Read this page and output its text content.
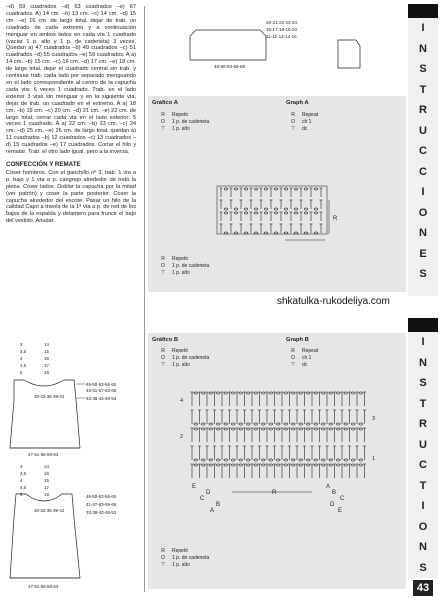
–d) 59 cuadrados –d) 63 cuadrados –e) 67 cuadrados. A) 14 cm. –b) 13 cm. –c) 14 cm. –d) 15 cm. –e) 16 cm. de largo total, dejar de trab. un cuadrado de cada extremo y a continuación menguar en ambos lados en cada vta 1 cuadrado (vaciar 1 p. alto y 1 p. de cadeneta) 3 veces. Quedan a) 47 cuadrados –b) 49 cuadrados –c) 51 cuadrados –d) 55 cuadrados –e) 59 cuadrados. A a) 14 cm. –b) 15 cm. –c) 16 cm. –d) 17 cm. –e) 18 cm. de largo total, dejar el cuadrado central sin trab. y continuar trab. cada lado por separado menguando en el lado correspondiente al centro de la capucha cada vta: 6 veces 1 cuadrado. Trab. en el lado exterior 3 vtas sin menguar y en la siguiente vta, dejar de trab. un cuadrado en el extremo. A a) 18 cm. –b) 19 cm. –c) 20 cm. –d) 21 cm. –e) 22 cm. de largo total, cerrar cada vta en el lado exterior: 5 veces 1 cuadrado. A a) 22 cm. –b) 23 cm. –c) 24 cm. –d) 25 cm. –e) 26 cm. de largo total, quedan a) 11 cuadrados –b) 12 cuadrados –c) 13 cuadrados –d) 15 cuadrados –e) 17 cuadrados. Cortar el hilo y rematar. Trab. el otro lado igual, pero a la inversa.

CONFECCIÓN Y REMATE

Coser hombros. Con el ganchillo nº 3, trab. 1 vta a p. bajo y 1 vta a p. cangrejo alrededor de toda la pieza. Coser lados. Doblar la capucha por la mitad (ver patrón) y coser la parte posterior. Coser la capucha alrededor del escote. Pasar un hilo de la calidad Capri a través de la 1ª vta a p. de red de los bajos de la espalda y delantero para fruncir el bajo del vestido. Anudar.

3
3,5
4
4,5
5
14
15
16
17
18
46-50-53-56-60
45-51-57-63-69
30-33-36-39-42	33-38-43-48-53
47-51-55-59-63
3
3,5
4
4,5
5
14
15
16
17
18	46-50-53-56-60
41-47-53-59-65
30-33-36-39-42	33-38-43-48-53
47-51-55-59-63
48-50-53-56-59
20-21-22-23-24
16-17-18-19-20
11-12-13-14-15
Gráfico A	Graph A
R Repetir
O 1 p. de cadeneta
⊤ 1 p. alto
R Repeat
O ch 1
⊤ dc
R
R Repetir
O 1 p. de cadeneta
⊤ 1 p. alto
shkatulka-rukodeliya.com
Gráfico B	Graph B
R Repetir
O 1 p. de cadeneta
⊤ 1 p. alto
R Repeat
O ch 1
⊤ dc
4
3
2
1
R
E
D
C
B
A
A
B
C
D
E
R Repetir
O 1 p. de cadeneta
⊤ 1 p. alto
I
N
S
T
R
U
C
C
I
O
N
E
S
I
N
S
T
R
U
C
T
I
O
N
S
43
